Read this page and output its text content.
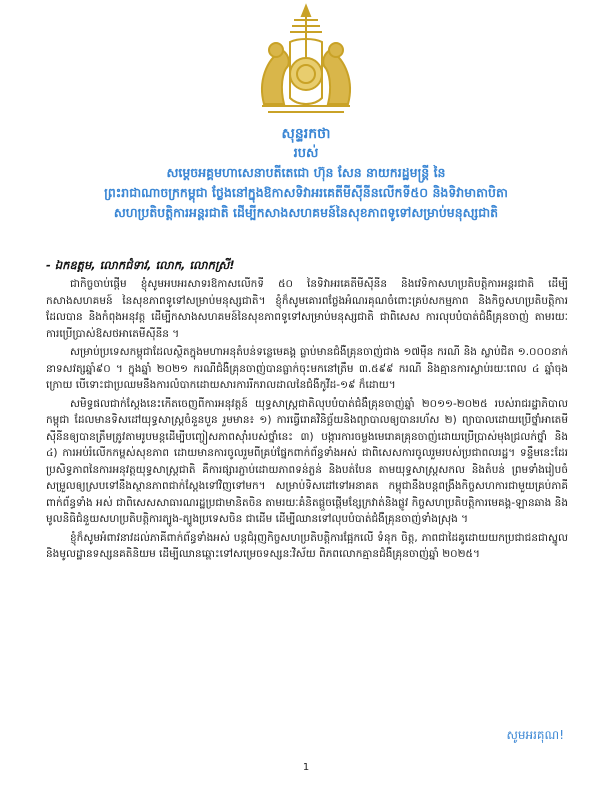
សុន្ទរកថា
របស់
សម្តេចអគ្គមហាសេនាបតីតេជោ ហ៊ុន សែន នាយករដ្ឋមន្ត្រី នៃ
ព្រះរាជាណាចក្រកម្ពុជា ថ្លែងនៅក្នុងឱកាសទិវាអរគេតីមីស៊ីនីនលើកទី៥០ និងទិវាមាតាបិតា
សហប្រតិបត្តិការអន្តរជាតិ ដើម្បីកសាងសហគមន៍នៃសុខភាពទូទៅសម្រាប់មនុស្សជាតិ
- ឯកឧត្តម, លោកជំទាវ, លោក, លោកស្រី!

ជាកិច្ចចាប់ផ្តើម ខ្ញុំសូមអបអរសាទរឱកាសលើកទី ៥០ នៃទិវាអរគេតីមីស៊ីនីន និងវេទិកាសហប្រតិបត្តិការអន្តរជាតិ ដើម្បីកសាងសហគមន៍ នៃសុខភាពទូទៅសម្រាប់មនុស្សជាតិ។ ខ្ញុំក៏សូមគោរពថ្លែងអំណរគុណចំពោះគ្រប់សកម្មភាព និងកិច្ចសហប្រតិបត្តិការ ដែលបាន និងកំពុងអនុវត្ត ដើម្បីកសាងសហគមន៍នៃសុខភាពទូទៅសម្រាប់មនុស្សជាតិ ជាពិសេស ការលុបបំបាត់ជំងឺគ្រុនចាញ់ តាមរយៈការប្រើប្រាស់ឱសថអាតេមីស៊ីនីន ។

សម្រាប់ប្រទេសកម្ពុជាដែលស្ថិតក្នុងមហាអនុតំបន់ទន្លេមេគង្គ ធ្លាប់មានជំងឺគ្រុនចាញ់ជាង ១៧ម៉ឺន ករណី និង ស្លាប់ជិត ១.០០០នាក់ នាទសវត្សឆ្នាំ៩០ ។ ក្នុងឆ្នាំ ២០២១ ករណីជំងឺគ្រុនចាញ់បានធ្លាក់ចុះមកនៅត្រឹម ៣.៥៩៩ ករណី និងគ្មានការស្លាប់រយៈពេល ៤ ឆ្នាំចុងក្រោយ បើទោះជាប្រឈមនឹងការលំបាកដោយសារការរីករាលដាលនៃជំងឺកូវីដ-១៩ ក៏ដោយ។

សមិទ្ធផលជាក់ស្តែងនេះកើតចេញពីការអនុវត្តន៍ យុទ្ធសាស្ត្រជាតិលុបបំបាត់ជំងឺគ្រុនចាញ់ឆ្នាំ ២០១១-២០២៥ របស់រាជរដ្ឋាភិបាលកម្ពុជា ដែលមានទិសដៅយុទ្ធសាស្ត្រចំនួនបួន រួមមាន៖ ១) ការធ្វើរោគវិនិច្ឆ័យនិងព្យាបាលឲ្យបានរហ័ស ២) ព្យាបាលដោយប្រើថ្នាំអាតេមីស៊ីនីនឲ្យបានត្រឹមត្រូវតាមរូបមន្តដើម្បីបញ្ចៀសភាពស៊ាំរបស់ថ្នាំនេះ ៣) បង្ការការចម្លងមេរោគគ្រុនចាញ់ដោយប្រើប្រាស់មុងជ្រលក់ថ្នាំ និង ៤) ការអប់រំលើកកម្ពស់សុខភាព ដោយមានការចូលរួមពីគ្រប់ផ្នែកពាក់ព័ន្ធទាំងអស់ ជាពិសេសការចូលរួមរបស់ប្រជាពលរដ្ឋ។ ទន្ទឹមនេះដែរ ប្រសិទ្ធភាពនៃការអនុវត្តយុទ្ធសាស្ត្រជាតិ គឺការផ្សារភ្ជាប់ដោយភាពទន់ភ្លន់ និងបត់បែន តាមយុទ្ធសាស្ត្រសកល និងតំបន់ ព្រមទាំងរៀបចំសម្រួលឲ្យស្របទៅនឹងស្ថានភាពជាក់ស្តែងទៅវិញទៅមក។ សម្រាប់ទិសដៅទៅអនាគត កម្ពុជានឹងបន្តពង្រឹងកិច្ចសហការជាមួយគ្រប់ភាគីពាក់ព័ន្ធទាំង អស់ ជាពិសេសសាធារណរដ្ឋប្រជាមានិតចិន តាមរយៈគំនិតផ្តួចផ្តើមខ្សែក្រវាត់និងផ្លូវ កិច្ចសហប្រតិបត្តិការមេគង្គ-ឡានឆាង និងមូលនិធិជំនួយសហប្រតិបត្តិការត្បូង-ត្បូងប្រទេសចិន ជាដើម ដើម្បីឈានទៅលុបបំបាត់ជំងឺគ្រុនចាញ់ទាំងស្រុង ។

ខ្ញុំក៏សូមអំពាវនាវដល់ភាគីពាក់ព័ន្ធទាំងអស់ បន្តជំរុញកិច្ចសហប្រតិបត្តិការផ្អែកលើ ទំនុក ចិត្ត, ភាពជាដៃគូដោយយកប្រជាជនជាស្នូល និងមូលដ្ឋានទស្សនគតិនិយម ដើម្បីឈានឆ្ពោះទៅសម្រេចទស្សនៈវិស័យ ពិភពលោកគ្មានជំងឺគ្រុនចាញ់ឆ្នាំ ២០២៥។

សូមអរគុណ!
1
